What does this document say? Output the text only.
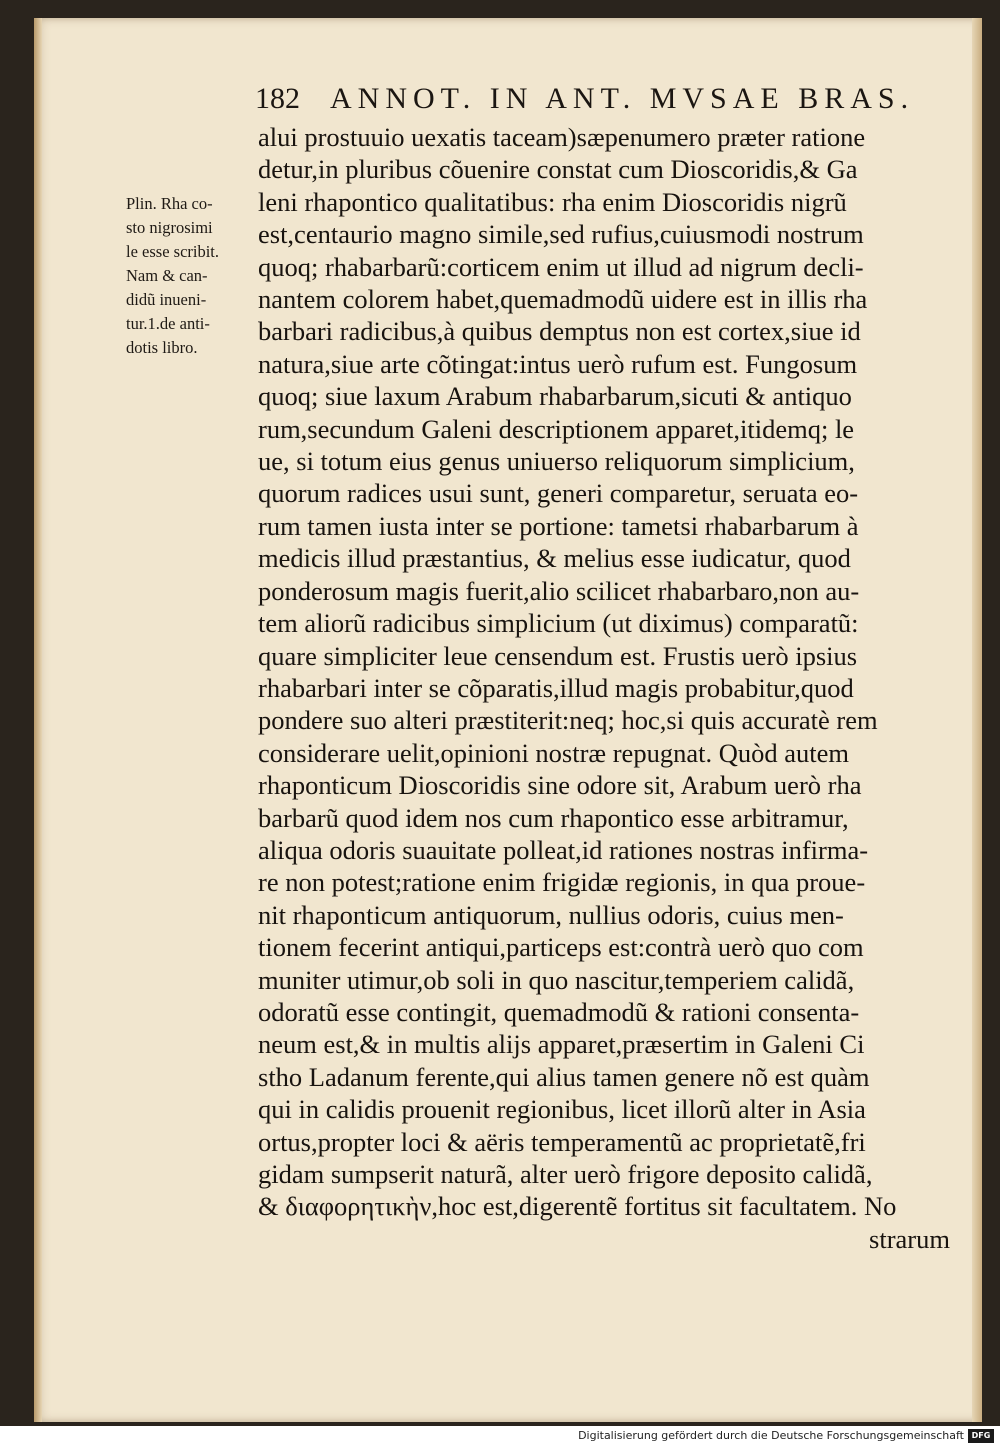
182 ANNOT. IN ANT. MVSAE BRAS.
Plin. Rha co-
sto nigrosimi
le esse scribit.
Nam & can-
didũ inueni-
tur.1.de anti-
dotis libro.
alui prostuuio uexatis taceam)sæpenumero præter ratione
detur,in pluribus cõuenire constat cum Dioscoridis,& Ga
leni rhapontico qualitatibus: rha enim Dioscoridis nigrũ
est,centaurio magno simile,sed rufius,cuiusmodi nostrum
quoq; rhabarbarũ:corticem enim ut illud ad nigrum decli-
nantem colorem habet,quemadmodũ uidere est in illis rha
barbari radicibus,à quibus demptus non est cortex,siue id
natura,siue arte cõtingat:intus uerò rufum est. Fungosum
quoq; siue laxum Arabum rhabarbarum,sicuti & antiquo
rum,secundum Galeni descriptionem apparet,itidemq; le
ue, si totum eius genus uniuerso reliquorum simplicium,
quorum radices usui sunt, generi comparetur, seruata eo-
rum tamen iusta inter se portione: tametsi rhabarbarum à
medicis illud præstantius, & melius esse iudicatur, quod
ponderosum magis fuerit,alio scilicet rhabarbaro,non au-
tem aliorũ radicibus simplicium (ut diximus) comparatũ:
quare simpliciter leue censendum est. Frustis uerò ipsius
rhabarbari inter se cõparatis,illud magis probabitur,quod
pondere suo alteri præstiterit:neq; hoc,si quis accuratè rem
considerare uelit,opinioni nostræ repugnat. Quòd autem
rhaponticum Dioscoridis sine odore sit, Arabum uerò rha
barbarũ quod idem nos cum rhapontico esse arbitramur,
aliqua odoris suauitate polleat,id rationes nostras infirma-
re non potest;ratione enim frigidæ regionis, in qua proue-
nit rhaponticum antiquorum, nullius odoris, cuius men-
tionem fecerint antiqui,particeps est:contrà uerò quo com
muniter utimur,ob soli in quo nascitur,temperiem calidã,
odoratũ esse contingit, quemadmodũ & rationi consenta-
neum est,& in multis alijs apparet,præsertim in Galeni Ci
stho Ladanum ferente,qui alius tamen genere nõ est quàm
qui in calidis prouenit regionibus, licet illorũ alter in Asia
ortus,propter loci & aëris temperamentũ ac proprietatẽ,fri
gidam sumpserit naturã, alter uerò frigore deposito calidã,
& διαφορητικὴν,hoc est,digerentẽ fortitus sit facultatem. No
strarum
Digitalisierung gefördert durch die Deutsche Forschungsgemeinschaft DFG
